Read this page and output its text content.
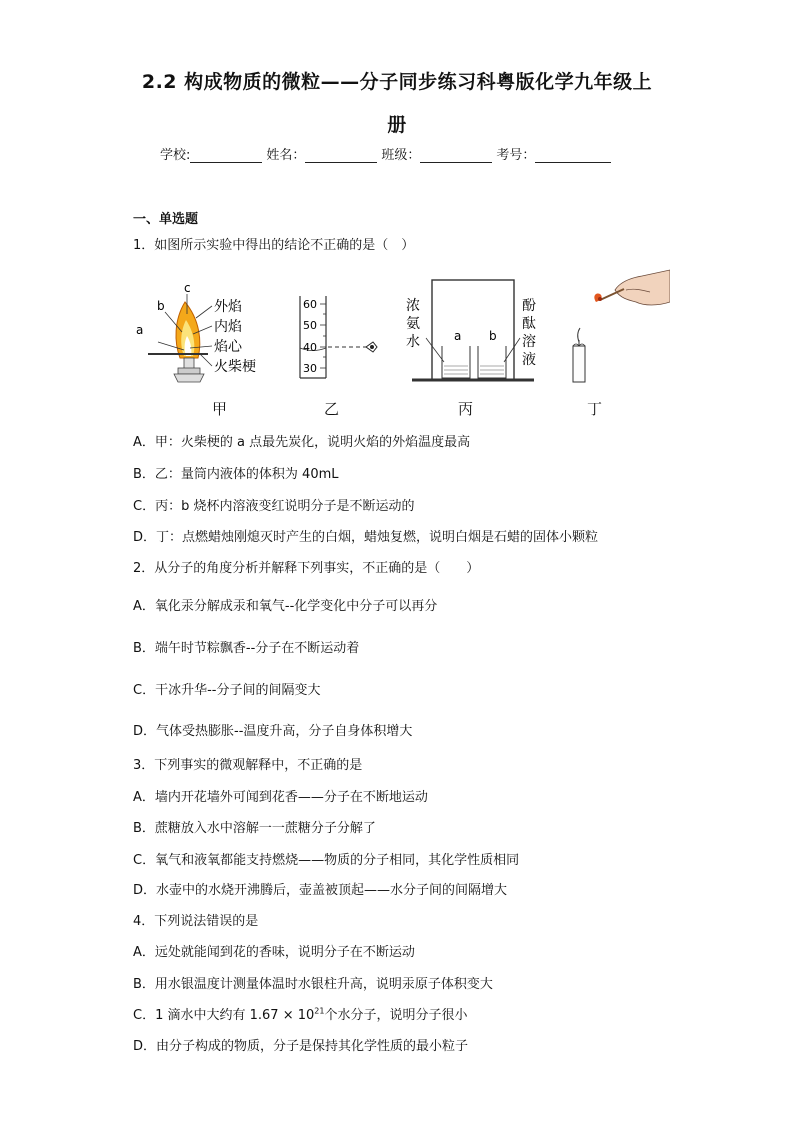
2.2 构成物质的微粒——分子同步练习科粤版化学九年级上
册
学校:	姓名：	班级：	考号：
一、单选题
1．如图所示实验中得出的结论不正确的是（　）
c
b
a
外焰
内焰
焰心
火柴梗
60
50
40
30
a b
浓
氨
水
酚
酞
溶
液
甲	乙	丙	丁
A．甲：火柴梗的 a 点最先炭化，说明火焰的外焰温度最高
B．乙：量筒内液体的体积为 40mL
C．丙：b 烧杯内溶液变红说明分子是不断运动的
D．丁：点燃蜡烛刚熄灭时产生的白烟，蜡烛复燃，说明白烟是石蜡的固体小颗粒
2．从分子的角度分析并解释下列事实，不正确的是（　　）
A．氧化汞分解成汞和氧气--化学变化中分子可以再分
B．端午时节粽飘香--分子在不断运动着
C．干冰升华--分子间的间隔变大
D．气体受热膨胀--温度升高，分子自身体积增大
3．下列事实的微观解释中，不正确的是
A．墙内开花墙外可闻到花香——分子在不断地运动
B．蔗糖放入水中溶解一一蔗糖分子分解了
C．氧气和液氧都能支持燃烧——物质的分子相同，其化学性质相同
D．水壶中的水烧开沸腾后，壶盖被顶起——水分子间的间隔增大
4．下列说法错误的是
A．远处就能闻到花的香味，说明分子在不断运动
B．用水银温度计测量体温时水银柱升高，说明汞原子体积变大
C．1 滴水中大约有 $1.67 \times 10^{21}$个水分子，说明分子很小
D．由分子构成的物质，分子是保持其化学性质的最小粒子
